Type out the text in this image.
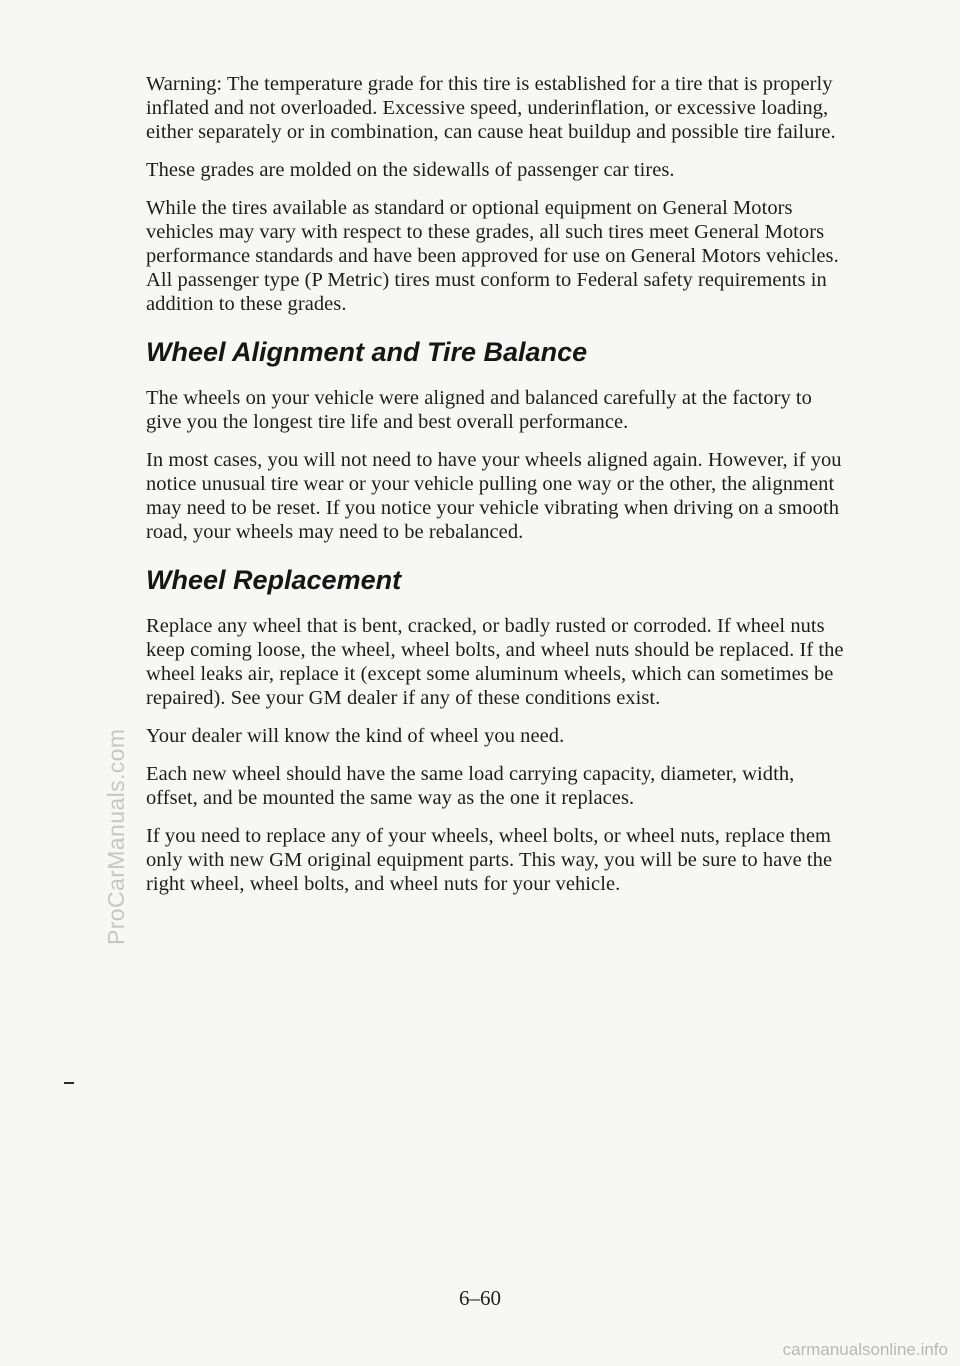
ProCarManuals.com

Warning: The temperature grade for this tire is established for a tire that is properly inflated and not overloaded. Excessive speed, underinflation, or excessive loading, either separately or in combination, can cause heat buildup and possible tire failure.

These grades are molded on the sidewalls of passenger car tires.

While the tires available as standard or optional equipment on General Motors vehicles may vary with respect to these grades, all such tires meet General Motors performance standards and have been approved for use on General Motors vehicles. All passenger type (P Metric) tires must conform to Federal safety requirements in addition to these grades.

Wheel Alignment and Tire Balance

The wheels on your vehicle were aligned and balanced carefully at the factory to give you the longest tire life and best overall performance.

In most cases, you will not need to have your wheels aligned again. However, if you notice unusual tire wear or your vehicle pulling one way or the other, the alignment may need to be reset. If you notice your vehicle vibrating when driving on a smooth road, your wheels may need to be rebalanced.

Wheel Replacement

Replace any wheel that is bent, cracked, or badly rusted or corroded. If wheel nuts keep coming loose, the wheel, wheel bolts, and wheel nuts should be replaced. If the wheel leaks air, replace it (except some aluminum wheels, which can sometimes be repaired). See your GM dealer if any of these conditions exist.

Your dealer will know the kind of wheel you need.

Each new wheel should have the same load carrying capacity, diameter, width, offset, and be mounted the same way as the one it replaces.

If you need to replace any of your wheels, wheel bolts, or wheel nuts, replace them only with new GM original equipment parts. This way, you will be sure to have the right wheel, wheel bolts, and wheel nuts for your vehicle.

6–60
carmanualsonline.info
